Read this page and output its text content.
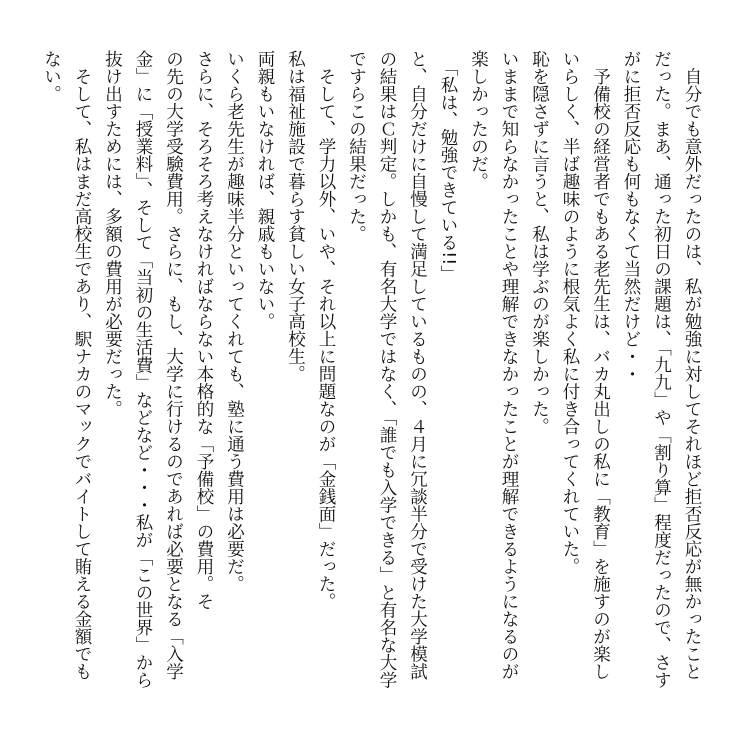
　自分でも意外だったのは、私が勉強に対してそれほど拒否反応が無かったことだった。まあ、通った初日の課題は、「九九」や「割り算」程度だったので、さすがに拒否反応も何もなくて当然だけど・・

　予備校の経営者でもある老先生は、バカ丸出しの私に「教育」を施すのが楽しいらしく、半ば趣味のように根気よく私に付き合ってくれていた。

恥を隠さずに言うと、私は学ぶのが楽しかった。

いままで知らなかったことや理解できなかったことが理解できるようになるのが楽しかったのだ。

　「私は、勉強できている!!」

と、自分だけに自慢して満足しているものの、４月に冗談半分で受けた大学模試の結果はＣ判定。しかも、有名大学ではなく、「誰でも入学できる」と有名な大学ですらこの結果だった。

　そして、学力以外、いや、それ以上に問題なのが「金銭面」だった。

私は福祉施設で暮らす貧しい女子高校生。

両親もいなければ、親戚もいない。

いくら老先生が趣味半分といってくれても、塾に通う費用は必要だ。

さらに、そろそろ考えなければならない本格的な「予備校」の費用。そ

の先の大学受験費用。さらに、もし、大学に行けるのであれば必要となる「入学金」に「授業料」、そして「当初の生活費」などなど・・・私が「この世界」から抜け出すためには、多額の費用が必要だった。

　そして、私はまだ高校生であり、駅ナカのマックでバイトして賄える金額でもない。
